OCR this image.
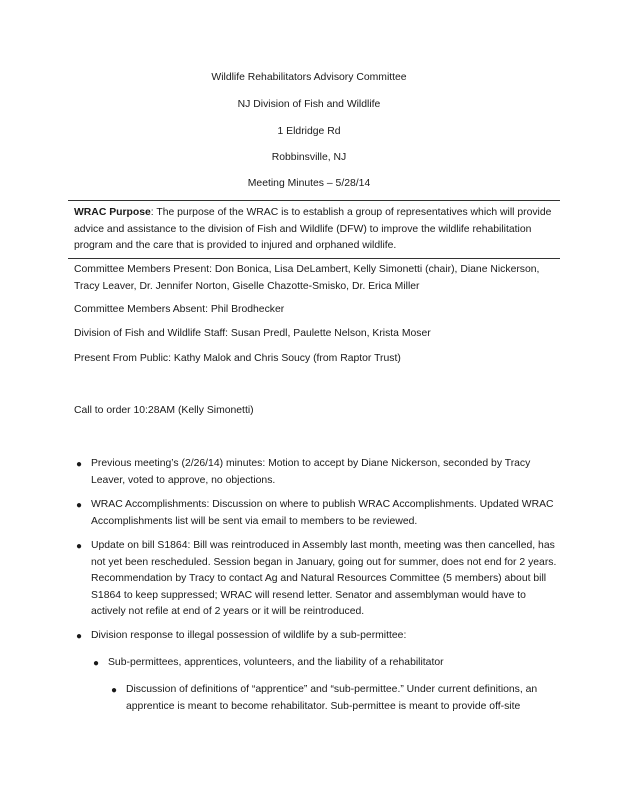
Wildlife Rehabilitators Advisory Committee
NJ Division of Fish and Wildlife
1 Eldridge Rd
Robbinsville, NJ
Meeting Minutes – 5/28/14
WRAC Purpose: The purpose of the WRAC is to establish a group of representatives which will provide advice and assistance to the division of Fish and Wildlife (DFW) to improve the wildlife rehabilitation program and the care that is provided to injured and orphaned wildlife.
Committee Members Present: Don Bonica, Lisa DeLambert, Kelly Simonetti (chair), Diane Nickerson, Tracy Leaver, Dr. Jennifer Norton, Giselle Chazotte-Smisko, Dr. Erica Miller
Committee Members Absent: Phil Brodhecker
Division of Fish and Wildlife Staff: Susan Predl, Paulette Nelson, Krista Moser
Present From Public: Kathy Malok and Chris Soucy (from Raptor Trust)
Call to order 10:28AM (Kelly Simonetti)
● Previous meeting’s (2/26/14) minutes: Motion to accept by Diane Nickerson, seconded by Tracy Leaver, voted to approve, no objections.
● WRAC Accomplishments: Discussion on where to publish WRAC Accomplishments. Updated WRAC Accomplishments list will be sent via email to members to be reviewed.
● Update on bill S1864: Bill was reintroduced in Assembly last month, meeting was then cancelled, has not yet been rescheduled. Session began in January, going out for summer, does not end for 2 years. Recommendation by Tracy to contact Ag and Natural Resources Committee (5 members) about bill S1864 to keep suppressed; WRAC will resend letter. Senator and assemblyman would have to actively not refile at end of 2 years or it will be reintroduced.
● Division response to illegal possession of wildlife by a sub-permittee:
● Sub-permittees, apprentices, volunteers, and the liability of a rehabilitator
● Discussion of definitions of “apprentice” and “sub-permittee.” Under current definitions, an apprentice is meant to become rehabilitator. Sub-permittee is meant to provide off-site
